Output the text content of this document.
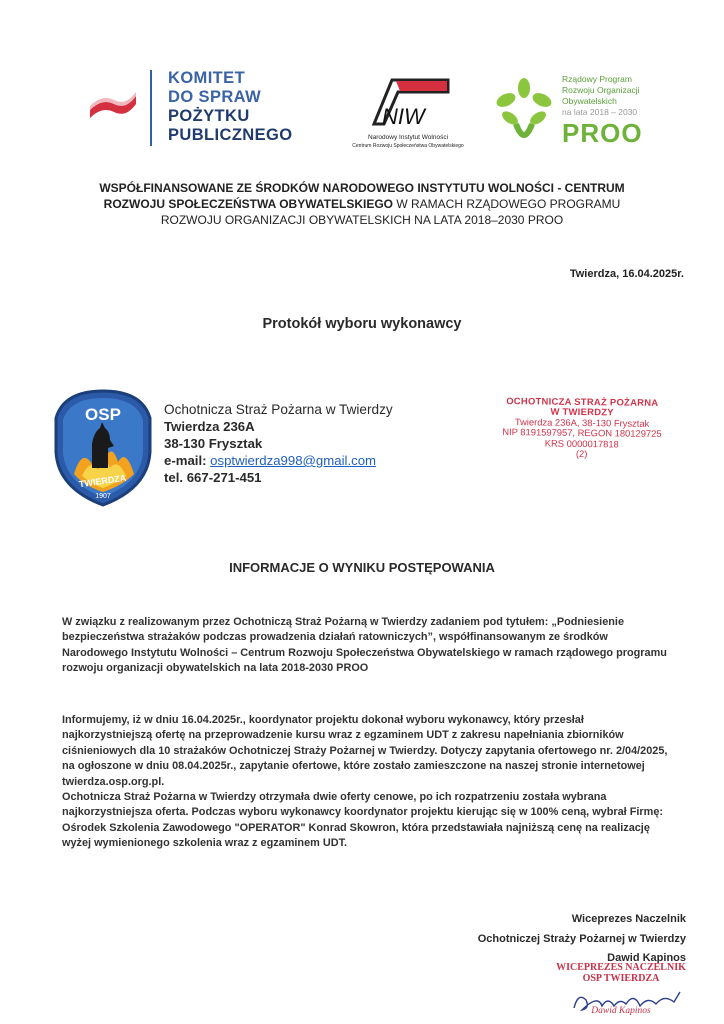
KOMITET
DO SPRAW
POŻYTKU
PUBLICZNEGO
NIW
Narodowy Instytut Wolności
Centrum Rozwoju Społeczeństwa Obywatelskiego
Rządowy Program
Rozwoju Organizacji
Obywatelskich
na lata 2018 – 2030
PROO
WSPÓŁFINANSOWANE ZE ŚRODKÓW NARODOWEGO INSTYTUTU WOLNOŚCI - CENTRUM
ROZWOJU SPOŁECZEŃSTWA OBYWATELSKIEGO W RAMACH RZĄDOWEGO PROGRAMU
ROZWOJU ORGANIZACJI OBYWATELSKICH NA LATA 2018–2030 PROO
Twierdza, 16.04.2025r.
Protokół wyboru wykonawcy
OSP
TWIERDZA
1907
Ochotnicza Straż Pożarna w Twierdzy
Twierdza 236A
38-130 Frysztak
e-mail: osptwierdza998@gmail.com
tel. 667-271-451
OCHOTNICZA STRAŻ POŻARNA
W TWIERDZY
Twierdza 236A, 38-130 Frysztak
NIP 8191597957, REGON 180129725
KRS 0000017818
(2)
INFORMACJE O WYNIKU POSTĘPOWANIA
W związku z realizowanym przez Ochotniczą Straż Pożarną w Twierdzy zadaniem pod tytułem: „Podniesienie bezpieczeństwa strażaków podczas prowadzenia działań ratowniczych”, współfinansowanym ze środków Narodowego Instytutu Wolności – Centrum Rozwoju Społeczeństwa Obywatelskiego w ramach rządowego programu rozwoju organizacji obywatelskich na lata 2018-2030 PROO
Informujemy, iż w dniu 16.04.2025r., koordynator projektu dokonał wyboru wykonawcy, który przesłał najkorzystniejszą ofertę na przeprowadzenie kursu wraz z egzaminem UDT z zakresu napełniania zbiorników ciśnieniowych dla 10 strażaków Ochotniczej Straży Pożarnej w Twierdzy. Dotyczy zapytania ofertowego nr. 2/04/2025, na ogłoszone w dniu 08.04.2025r., zapytanie ofertowe, które zostało zamieszczone na naszej stronie internetowej twierdza.osp.org.pl.
Ochotnicza Straż Pożarna w Twierdzy otrzymała dwie oferty cenowe, po ich rozpatrzeniu została wybrana najkorzystniejsza oferta. Podczas wyboru wykonawcy koordynator projektu kierując się w 100% ceną, wybrał Firmę: Ośrodek Szkolenia Zawodowego "OPERATOR" Konrad Skowron, która przedstawiała najniższą cenę na realizację wyżej wymienionego szkolenia wraz z egzaminem UDT.
Wiceprezes Naczelnik
Ochotniczej Straży Pożarnej w Twierdzy
Dawid Kapinos
WICEPREZES NACZELNIK
OSP TWIERDZA
Dawid Kapinos
